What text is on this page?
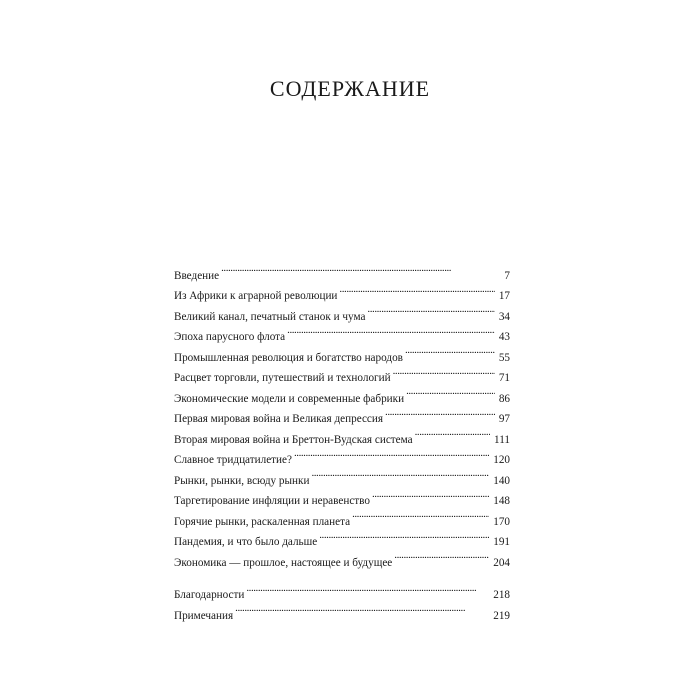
СОДЕРЖАНИЕ
Введение . . .	7
Из Африки к аграрной революции . . .	17
Великий канал, печатный станок и чума . . .	34
Эпоха парусного флота . . .	43
Промышленная революция и богатство народов . . .	55
Расцвет торговли, путешествий и технологий . . .	71
Экономические модели и современные фабрики . . .	86
Первая мировая война и Великая депрессия . . .	97
Вторая мировая война и Бреттон-Вудская система . . .	111
Славное тридцатилетие? . . .	120
Рынки, рынки, всюду рынки . . .	140
Таргетирование инфляции и неравенство . . .	148
Горячие рынки, раскаленная планета . . .	170
Пандемия, и что было дальше . . .	191
Экономика — прошлое, настоящее и будущее . . .	204
Благодарности . . .	218
Примечания . . .	219
